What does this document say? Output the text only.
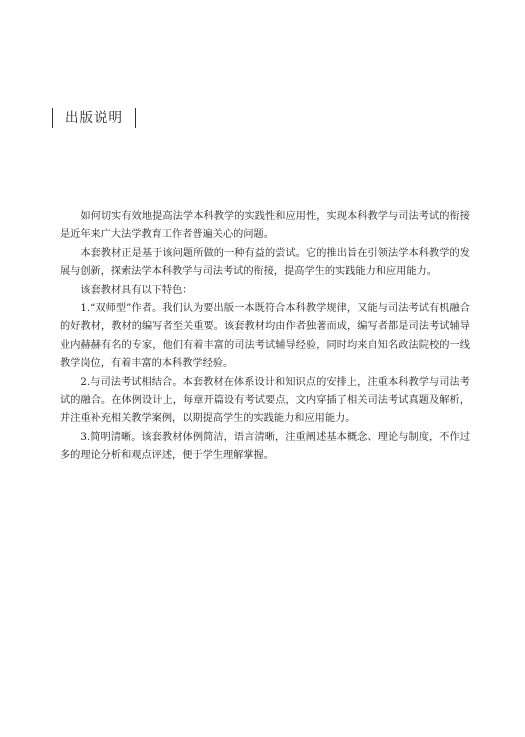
出版说明

如何切实有效地提高法学本科教学的实践性和应用性，实现本科教学与司法考试的衔接是近年来广大法学教育工作者普遍关心的问题。

本套教材正是基于该问题所做的一种有益的尝试。它的推出旨在引领法学本科教学的发展与创新，探索法学本科教学与司法考试的衔接，提高学生的实践能力和应用能力。

该套教材具有以下特色：

1.“双师型”作者。我们认为要出版一本既符合本科教学规律，又能与司法考试有机融合的好教材，教材的编写者至关重要。该套教材均由作者独著而成，编写者都是司法考试辅导业内赫赫有名的专家，他们有着丰富的司法考试辅导经验，同时均来自知名政法院校的一线教学岗位，有着丰富的本科教学经验。

2.与司法考试相结合。本套教材在体系设计和知识点的安排上，注重本科教学与司法考试的融合。在体例设计上，每章开篇设有考试要点，文内穿插了相关司法考试真题及解析，并注重补充相关教学案例，以期提高学生的实践能力和应用能力。

3.简明清晰。该套教材体例简洁，语言清晰，注重阐述基本概念、理论与制度，不作过多的理论分析和观点评述，便于学生理解掌握。
